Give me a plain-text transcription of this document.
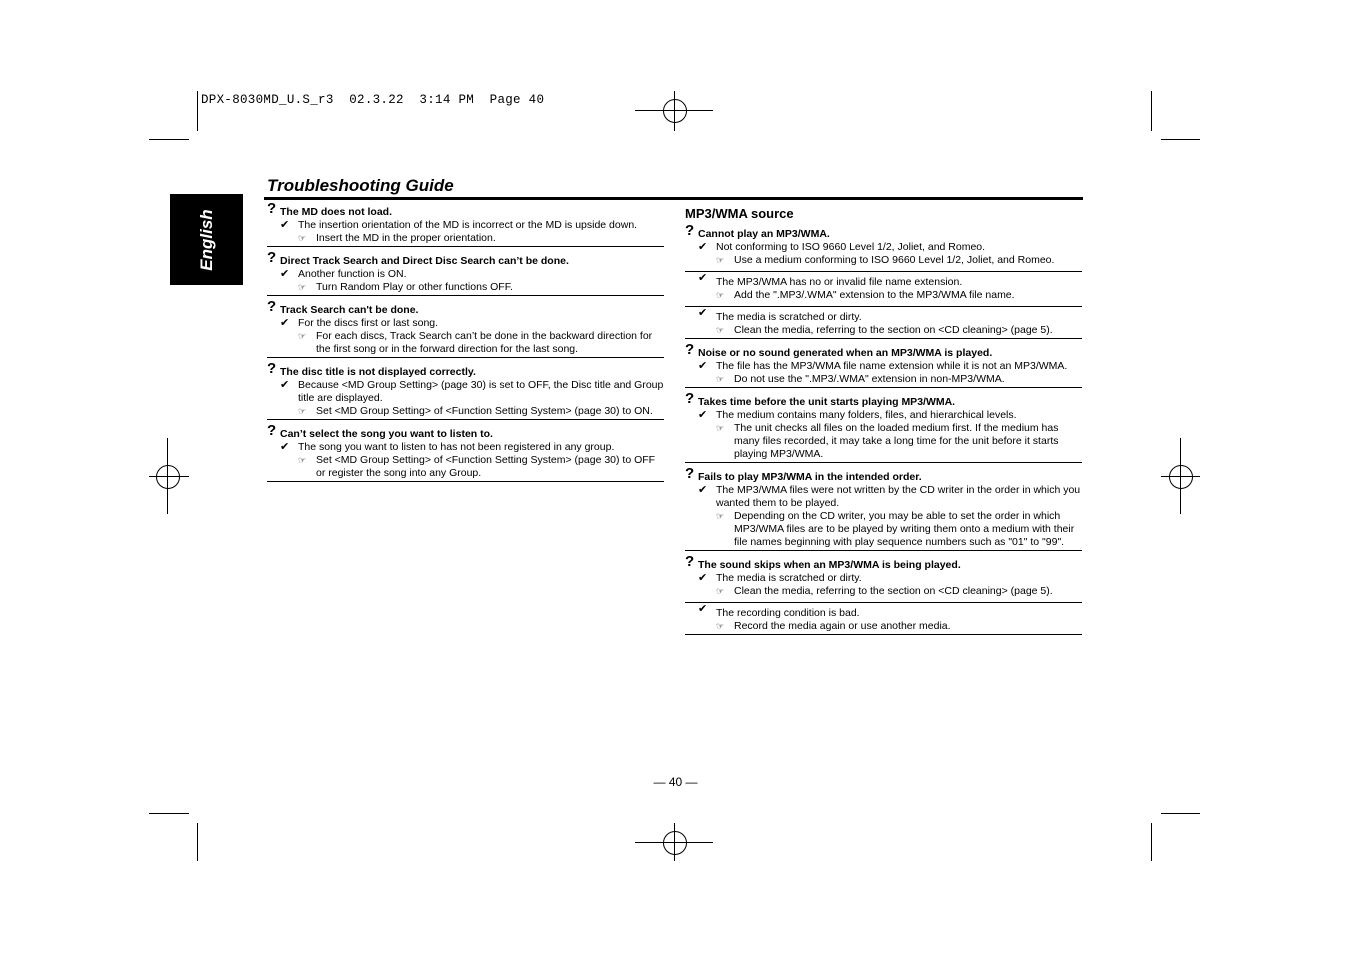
DPX-8030MD_U.S_r3  02.3.22  3:14 PM  Page 40
English
Troubleshooting Guide
? The MD does not load.
✔ The insertion orientation of the MD is incorrect or the MD is upside down.
☞ Insert the MD in the proper orientation.
? Direct Track Search and Direct Disc Search can’t be done.
✔ Another function is ON.
☞ Turn Random Play or other functions OFF.
? Track Search can't be done.
✔ For the discs first or last song.
☞ For each discs, Track Search can’t be done in the backward direction for the first song or in the forward direction for the last song.
? The disc title is not displayed correctly.
✔ Because <MD Group Setting> (page 30) is set to OFF, the Disc title and Group title are displayed.
☞ Set <MD Group Setting> of <Function Setting System> (page 30) to ON.
? Can’t select the song you want to listen to.
✔ The song you want to listen to has not been registered in any group.
☞ Set <MD Group Setting> of <Function Setting System> (page 30) to OFF or register the song into any Group.
MP3/WMA source
? Cannot play an MP3/WMA.
✔ Not conforming to ISO 9660 Level 1/2, Joliet, and Romeo.
☞ Use a medium conforming to ISO 9660 Level 1/2, Joliet, and Romeo.
✔ The MP3/WMA has no or invalid file name extension.
☞ Add the ".MP3/.WMA" extension to the MP3/WMA file name.
✔ The media is scratched or dirty.
☞ Clean the media, referring to the section on <CD cleaning> (page 5).
? Noise or no sound generated when an MP3/WMA is played.
✔ The file has the MP3/WMA file name extension while it is not an MP3/WMA.
☞ Do not use the ".MP3/.WMA" extension in non-MP3/WMA.
? Takes time before the unit starts playing MP3/WMA.
✔ The medium contains many folders, files, and hierarchical levels.
☞ The unit checks all files on the loaded medium first. If the medium has many files recorded, it may take a long time for the unit before it starts playing MP3/WMA.
? Fails to play MP3/WMA in the intended order.
✔ The MP3/WMA files were not written by the CD writer in the order in which you wanted them to be played.
☞ Depending on the CD writer, you may be able to set the order in which MP3/WMA files are to be played by writing them onto a medium with their file names beginning with play sequence numbers such as "01" to "99".
? The sound skips when an MP3/WMA is being played.
✔ The media is scratched or dirty.
☞ Clean the media, referring to the section on <CD cleaning> (page 5).
✔ The recording condition is bad.
☞ Record the media again or use another media.
— 40 —
